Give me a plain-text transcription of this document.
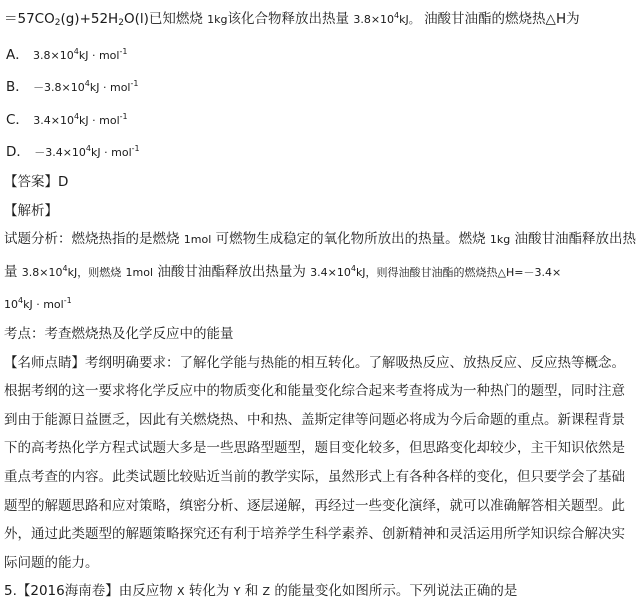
$=57CO_2(g)+52H_2O(l)$已知燃烧 1kg该化合物释放出热量 $3.8\times 10^4kJ$。 油酸甘油酯的燃烧热△H为
A． $3.8\times 10^4kJ \cdot mol^{-1}$
B． $-3.8\times 10^4kJ \cdot mol^{-1}$
C． $3.4\times 10^4kJ \cdot mol^{-1}$
D． $-3.4\times 10^4kJ \cdot mol^{-1}$
【答案】D
【解析】
试题分析：燃烧热指的是燃烧 1mol 可燃物生成稳定的氧化物所放出的热量。燃烧 1kg 油酸甘油酯释放出热
量 $3.8\times 10^4kJ$，则燃烧 1mol 油酸甘油酯释放出热量为 $3.4\times 10^4kJ$，则得油酸甘油酯的燃烧热△H=－3.4×
$10^4kJ \cdot mol^{-1}$
考点：考查燃烧热及化学反应中的能量
【名师点睛】考纲明确要求：了解化学能与热能的相互转化。了解吸热反应、放热反应、反应热等概念。
根据考纲的这一要求将化学反应中的物质变化和能量变化综合起来考查将成为一种热门的题型，同时注意
到由于能源日益匮乏，因此有关燃烧热、中和热、盖斯定律等问题必将成为今后命题的重点。新课程背景
下的高考热化学方程式试题大多是一些思路型题型，题目变化较多，但思路变化却较少，主干知识依然是
重点考查的内容。此类试题比较贴近当前的教学实际，虽然形式上有各种各样的变化，但只要学会了基础
题型的解题思路和应对策略，缜密分析、逐层递解，再经过一些变化演绎，就可以准确解答相关题型。此
外，通过此类题型的解题策略探究还有利于培养学生科学素养、创新精神和灵活运用所学知识综合解决实
际问题的能力。
5.【2016海南卷】由反应物 X 转化为 Y 和 Z 的能量变化如图所示。下列说法正确的是
